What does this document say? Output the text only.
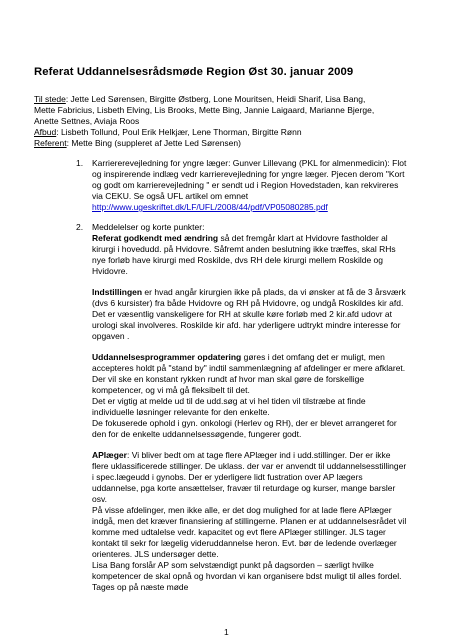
Referat Uddannelsesrådsmøde Region Øst 30. januar 2009
Til stede: Jette Led Sørensen, Birgitte Østberg, Lone Mouritsen, Heidi Sharif, Lisa Bang,
Mette Fabricius, Lisbeth Elving, Lis Brooks, Mette Bing, Jannie Laigaard, Marianne Bjerge,
Anette Settnes, Aviaja Roos
Afbud: Lisbeth Tollund, Poul Erik Helkjær, Lene Thorman, Birgitte Rønn
Referent: Mette Bing (suppleret af Jette Led Sørensen)
1. Karriererevejledning for yngre læger: Gunver Lillevang (PKL for almenmedicin): Flot
og inspirerende indlæg vedr karrierevejledning for yngre læger. Pjecen derom "Kort
og godt om karrierevejledning " er sendt ud i Region Hovedstaden, kan rekvireres
via CEKU. Se også UFL artikel om emnet
http://www.ugeskriftet.dk/LF/UFL/2008/44/pdf/VP05080285.pdf
2. Meddelelser og korte punkter:
Referat godkendt med ændring så det fremgår klart at Hvidovre fastholder al
kirurgi i hovedudd. på Hvidovre. Såfremt anden beslutning ikke træffes, skal RHs
nye forløb have kirurgi med Roskilde, dvs RH dele kirurgi mellem Roskilde og
Hvidovre.
Indstillingen er hvad angår kirurgien ikke på plads, da vi ønsker at få de 3 årsværk
(dvs 6 kursister) fra både Hvidovre og RH på Hvidovre, og undgå Roskildes kir afd.
Det er væsentlig vanskeligere for RH at skulle køre forløb med 2 kir.afd udovr at
urologi skal involveres. Roskilde kir afd. har yderligere udtrykt mindre interesse for
opgaven .
Uddannelsesprogrammer opdatering gøres i det omfang det er muligt, men
accepteres holdt på "stand by" indtil sammenlægning af afdelinger er mere afklaret.
Der vil ske en konstant rykken rundt af hvor man skal gøre de forskellige
kompetencer, og vi må gå fleksibelt til det.
Det er vigtig at melde ud til de udd.søg at vi hel tiden vil tilstræbe at finde
individuelle løsninger relevante for den enkelte.
De fokuserede ophold i gyn. onkologi (Herlev og RH), der er blevet arrangeret for
den for de enkelte uddannelsessøgende, fungerer godt.
APlæger: Vi bliver bedt om at tage flere APlæger ind i udd.stillinger. Der er ikke
flere uklassificerede stillinger. De uklass. der var er anvendt til uddannelsesstillinger
i spec.lægeudd i gynobs. Der er yderligere lidt fustration over AP lægers
uddannelse, pga korte ansættelser, fravær til returdage og kurser, mange barsler
osv.
På visse afdelinger, men ikke alle, er det dog mulighed for at lade flere APlæger
indgå, men det kræver finansiering af stillingerne. Planen er at uddannelsesrådet vil
komme med udtalelse vedr. kapacitet og evt flere APlæger stillinger. JLS tager
kontakt til sekr for lægelig videruddannelse heron. Evt. bør de ledende overlæger
orienteres. JLS undersøger dette.
Lisa Bang forslår AP som selvstændigt punkt på dagsorden – særligt hvilke
kompetencer de skal opnå og hvordan vi kan organisere bdst muligt til alles fordel.
Tages op på næste møde
1
